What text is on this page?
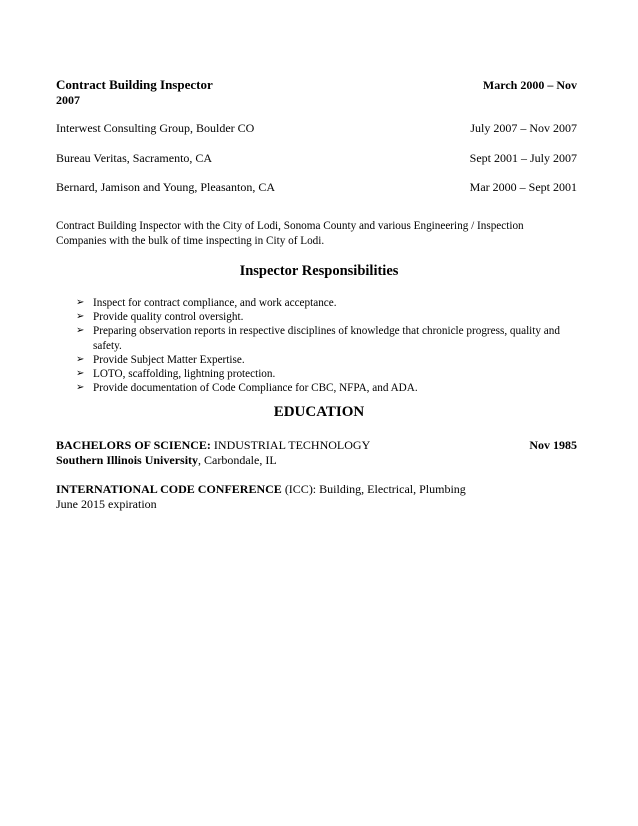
Contract Building Inspector	March 2000 – Nov
2007
Interwest Consulting Group, Boulder CO	July 2007 – Nov 2007
Bureau Veritas, Sacramento, CA	Sept 2001 – July 2007
Bernard, Jamison and Young, Pleasanton, CA	Mar 2000 – Sept 2001
Contract Building Inspector with the City of Lodi, Sonoma County and various Engineering / Inspection Companies with the bulk of time inspecting in City of Lodi.
Inspector Responsibilities
➢ Inspect for contract compliance, and work acceptance.
➢ Provide quality control oversight.
➢ Preparing observation reports in respective disciplines of knowledge that chronicle progress, quality and safety.
➢ Provide Subject Matter Expertise.
➢ LOTO, scaffolding, lightning protection.
➢ Provide documentation of Code Compliance for CBC, NFPA, and ADA.
EDUCATION
BACHELORS OF SCIENCE: INDUSTRIAL TECHNOLOGY	Nov 1985
Southern Illinois University, Carbondale, IL
INTERNATIONAL CODE CONFERENCE (ICC): Building, Electrical, Plumbing
June 2015 expiration
